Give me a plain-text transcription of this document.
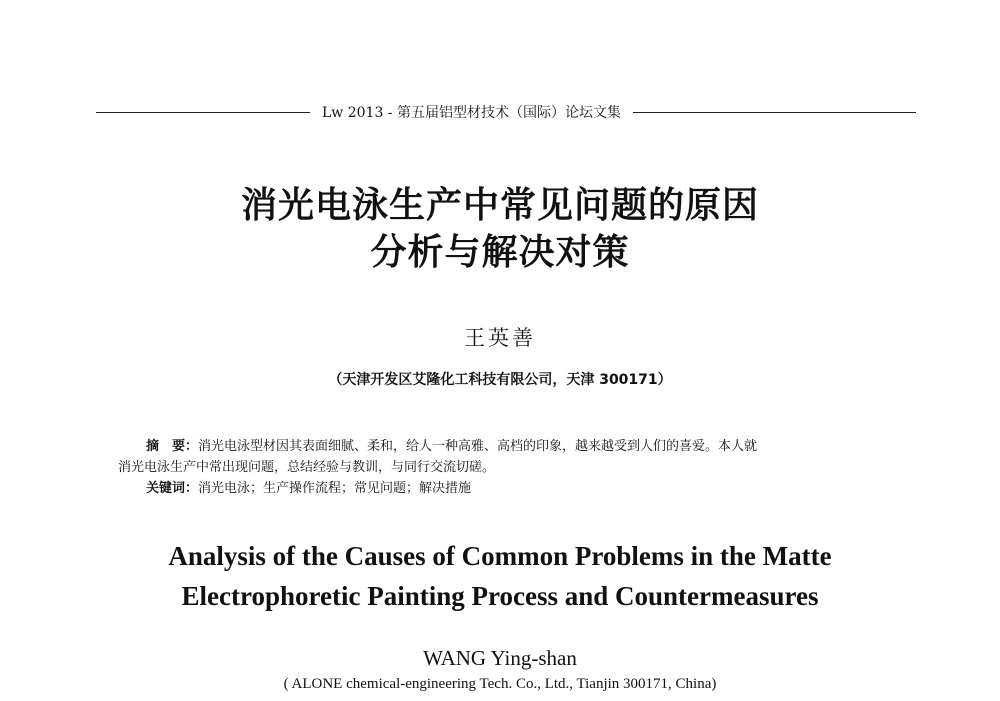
Lw 2013 - 第五届铝型材技术（国际）论坛文集
消光电泳生产中常见问题的原因
分析与解决对策
王英善
（天津开发区艾隆化工科技有限公司，天津 300171）
摘　要：消光电泳型材因其表面细腻、柔和，给人一种高雅、高档的印象，越来越受到人们的喜爱。本人就
消光电泳生产中常出现问题，总结经验与教训，与同行交流切磋。
关键词：消光电泳；生产操作流程；常见问题；解决措施
Analysis of the Causes of Common Problems in the Matte
Electrophoretic Painting Process and Countermeasures
WANG Ying-shan
( ALONE chemical-engineering Tech. Co., Ltd., Tianjin 300171, China)
